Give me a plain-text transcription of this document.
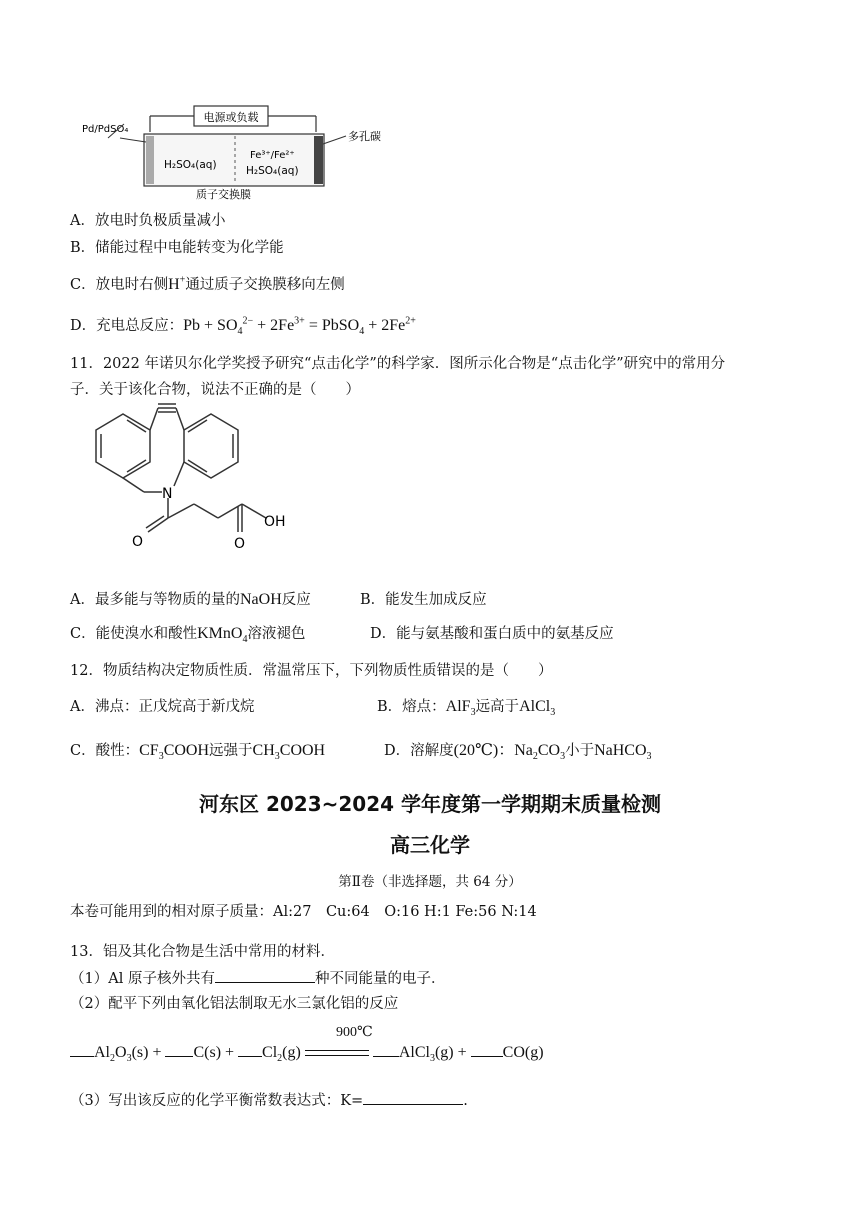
电源或负载
Pd/PdSO₄
多孔碳
H₂SO₄(aq)
Fe³⁺/Fe²⁺
H₂SO₄(aq)
质子交换膜
A．放电时负极质量减小
B．储能过程中电能转变为化学能
C．放电时右侧H+通过质子交换膜移向左侧
D．充电总反应：$Pb + SO_4^{2-} + 2Fe^{3+}$ = PbSO$_4$ + $2Fe^{2+}$
11．2022 年诺贝尔化学奖授予研究“点击化学”的科学家．图所示化合物是“点击化学”研究中的常用分
子．关于该化合物，说法不正确的是（　　）
N
O	O
OH
A．最多能与等物质的量的NaOH反应	B．能发生加成反应
C．能使溴水和酸性KMnO$_4$溶液褪色	D．能与氨基酸和蛋白质中的氨基反应
12．物质结构决定物质性质．常温常压下，下列物质性质错误的是（　　）
A．沸点：正戊烷高于新戊烷	B．熔点：AlF$_3$远高于AlCl$_3$
C．酸性：$CF_3COOH$远强于$CH_3COOH$	D．溶解度(20℃)：$Na_2CO_3$小于NaHCO$_3$
河东区 2023~2024 学年度第一学期期末质量检测
高三化学
第Ⅱ卷（非选择题，共 64 分）
本卷可能用到的相对原子质量：Al:27　Cu:64　O:16 H:1 Fe:56 N:14
13．铝及其化合物是生活中常用的材料．
（1）Al 原子核外共有	种不同能量的电子．
（2）配平下列由氧化铝法制取无水三氯化铝的反应
900℃
$Al_2O_3(s) + C(s) + Cl_2(g)$	AlCl$_3$(g) + CO(g)
（3）写出该反应的化学平衡常数表达式：K=	.
